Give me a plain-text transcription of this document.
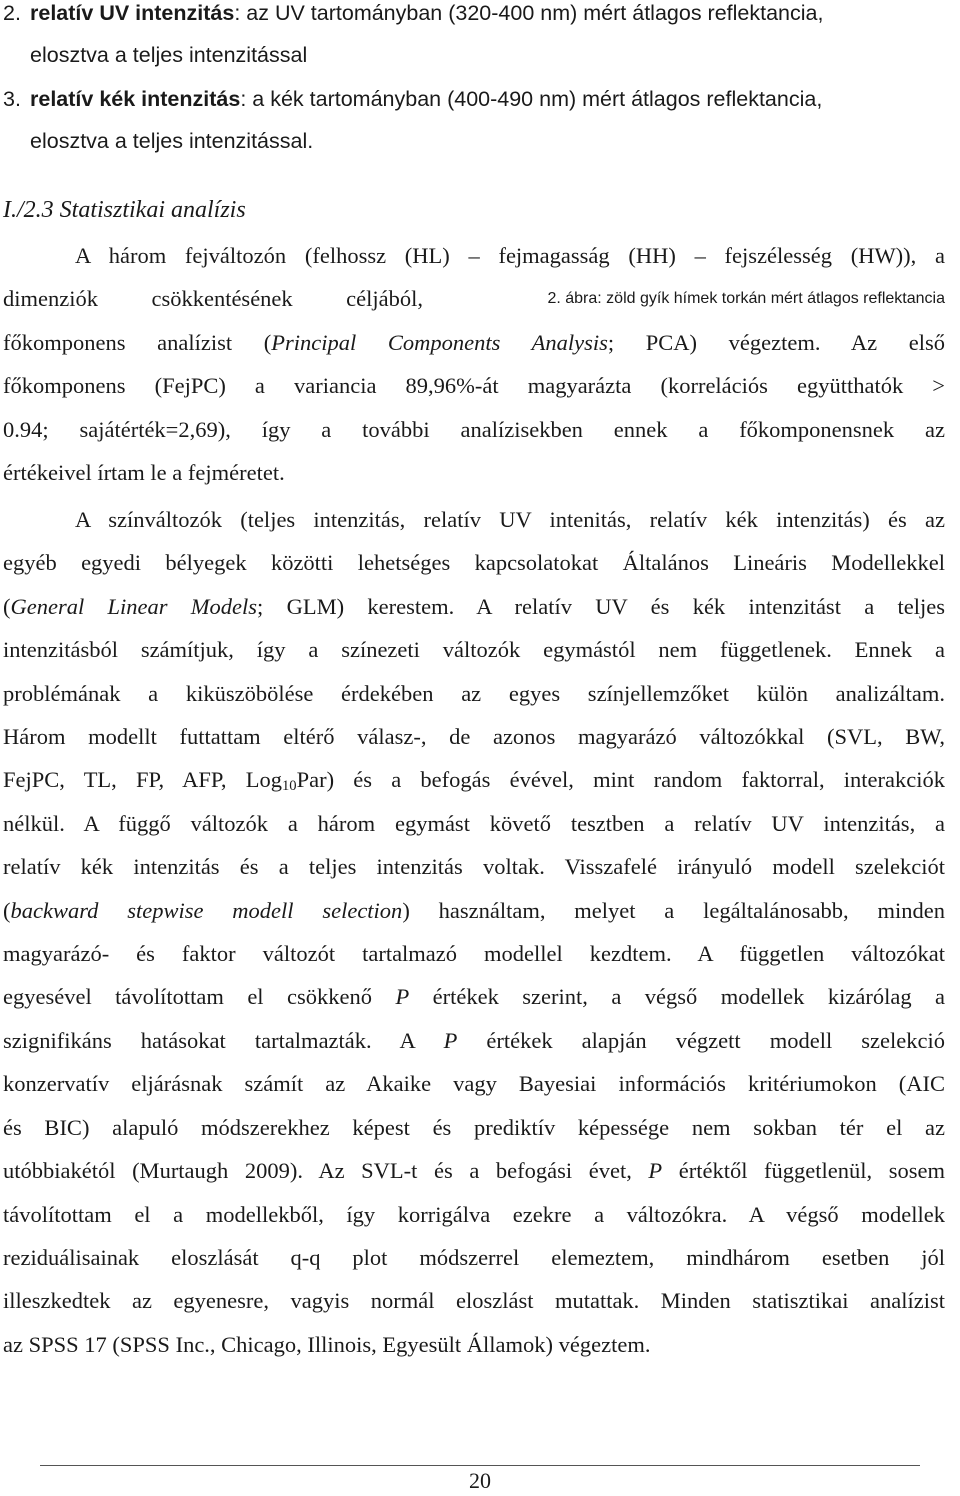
2. relatív UV intenzitás: az UV tartományban (320-400 nm) mért átlagos reflektancia,
elosztva a teljes intenzitással
3. relatív kék intenzitás: a kék tartományban (400-490 nm) mért átlagos reflektancia,
elosztva a teljes intenzitással.
I./2.3 Statisztikai analízis
A három fejváltozón (felhossz (HL) – fejmagasság (HH) – fejszélesség (HW)), a
dimenziók csökkentésének céljából,	2. ábra: zöld gyík hímek torkán mért átlagos reflektancia
főkomponens analízist (Principal Components Analysis; PCA) végeztem. Az első
főkomponens (FejPC) a variancia 89,96%-át magyarázta (korrelációs együtthatók >
0.94; sajátérték=2,69), így a további analízisekben ennek a főkomponensnek az
értékeivel írtam le a fejméretet.
A színváltozók (teljes intenzitás, relatív UV intenitás, relatív kék intenzitás) és az
egyéb egyedi bélyegek közötti lehetséges kapcsolatokat Általános Lineáris Modellekkel
(General Linear Models; GLM) kerestem. A relatív UV és kék intenzitást a teljes
intenzitásból számítjuk, így a színezeti változók egymástól nem függetlenek. Ennek a
problémának a kiküszöbölése érdekében az egyes színjellemzőket külön analizáltam.
Három modellt futtattam eltérő válasz-, de azonos magyarázó változókkal (SVL, BW,
FejPC, TL, FP, AFP, Log$_{10}$Par) és a befogás évével, mint random faktorral, interakciók
nélkül. A függő változók a három egymást követő tesztben a relatív UV intenzitás, a
relatív kék intenzitás és a teljes intenzitás voltak. Visszafelé irányuló modell szelekciót
(backward stepwise modell selection) használtam, melyet a legáltalánosabb, minden
magyarázó- és faktor változót tartalmazó modellel kezdtem. A független változókat
egyesével távolítottam el csökkenő P értékek szerint, a végső modellek kizárólag a
szignifikáns hatásokat tartalmazták. A P értékek alapján végzett modell szelekció
konzervatív eljárásnak számít az Akaike vagy Bayesiai információs kritériumokon (AIC
és BIC) alapuló módszerekhez képest és prediktív képessége nem sokban tér el az
utóbbiakétól (Murtaugh 2009). Az SVL-t és a befogási évet, P értéktől függetlenül, sosem
távolítottam el a modellekből, így korrigálva ezekre a változókra. A végső modellek
reziduálisainak eloszlását q-q plot módszerrel elemeztem, mindhárom esetben jól
illeszkedtek az egyenesre, vagyis normál eloszlást mutattak. Minden statisztikai analízist
az SPSS 17 (SPSS Inc., Chicago, Illinois, Egyesült Államok) végeztem.
20
